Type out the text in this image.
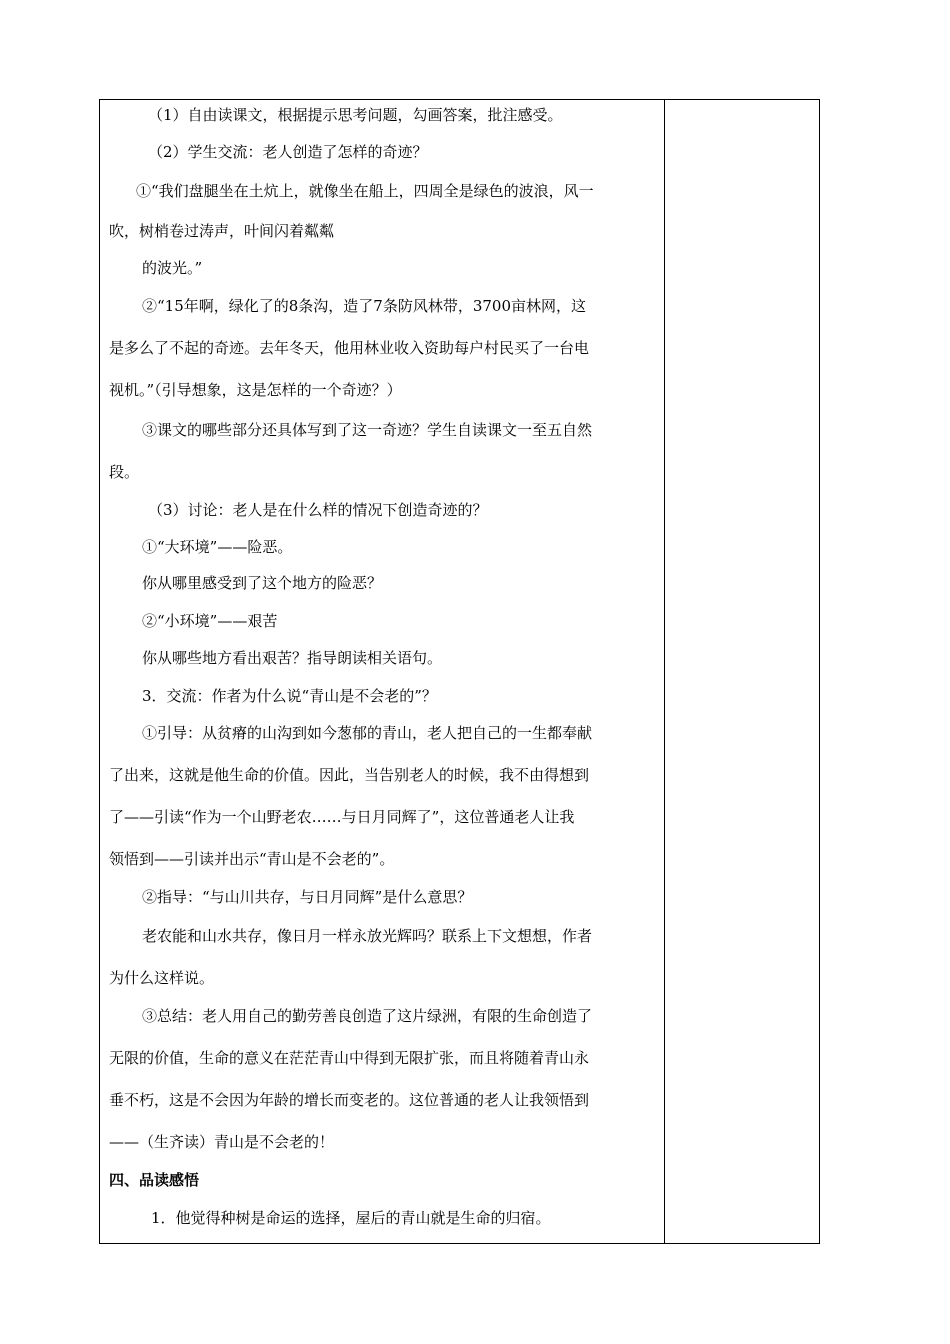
（1）自由读课文，根据提示思考问题，勾画答案，批注感受。
（2）学生交流：老人创造了怎样的奇迹？
①“我们盘腿坐在土炕上，就像坐在船上，四周全是绿色的波浪，风一
吹，树梢卷过涛声，叶间闪着粼粼
的波光。”
②“15年啊，绿化了的8条沟，造了7条防风林带，3700亩林网，这
是多么了不起的奇迹。去年冬天，他用林业收入资助每户村民买了一台电
视机。”（引导想象，这是怎样的一个奇迹？）
③课文的哪些部分还具体写到了这一奇迹？学生自读课文一至五自然
段。
（3）讨论：老人是在什么样的情况下创造奇迹的？
①“大环境”——险恶。
你从哪里感受到了这个地方的险恶？
②“小环境”——艰苦
你从哪些地方看出艰苦？指导朗读相关语句。
3．交流：作者为什么说“青山是不会老的”？
①引导：从贫瘠的山沟到如今葱郁的青山，老人把自己的一生都奉献
了出来，这就是他生命的价值。因此，当告别老人的时候，我不由得想到
了——引读“作为一个山野老农……与日月同辉了”，这位普通老人让我
领悟到——引读并出示“青山是不会老的”。
②指导：“与山川共存，与日月同辉”是什么意思？
老农能和山水共存，像日月一样永放光辉吗？联系上下文想想，作者
为什么这样说。
③总结：老人用自己的勤劳善良创造了这片绿洲，有限的生命创造了
无限的价值，生命的意义在茫茫青山中得到无限扩张，而且将随着青山永
垂不朽，这是不会因为年龄的增长而变老的。这位普通的老人让我领悟到
——（生齐读）青山是不会老的！
四、品读感悟
1．他觉得种树是命运的选择，屋后的青山就是生命的归宿。
